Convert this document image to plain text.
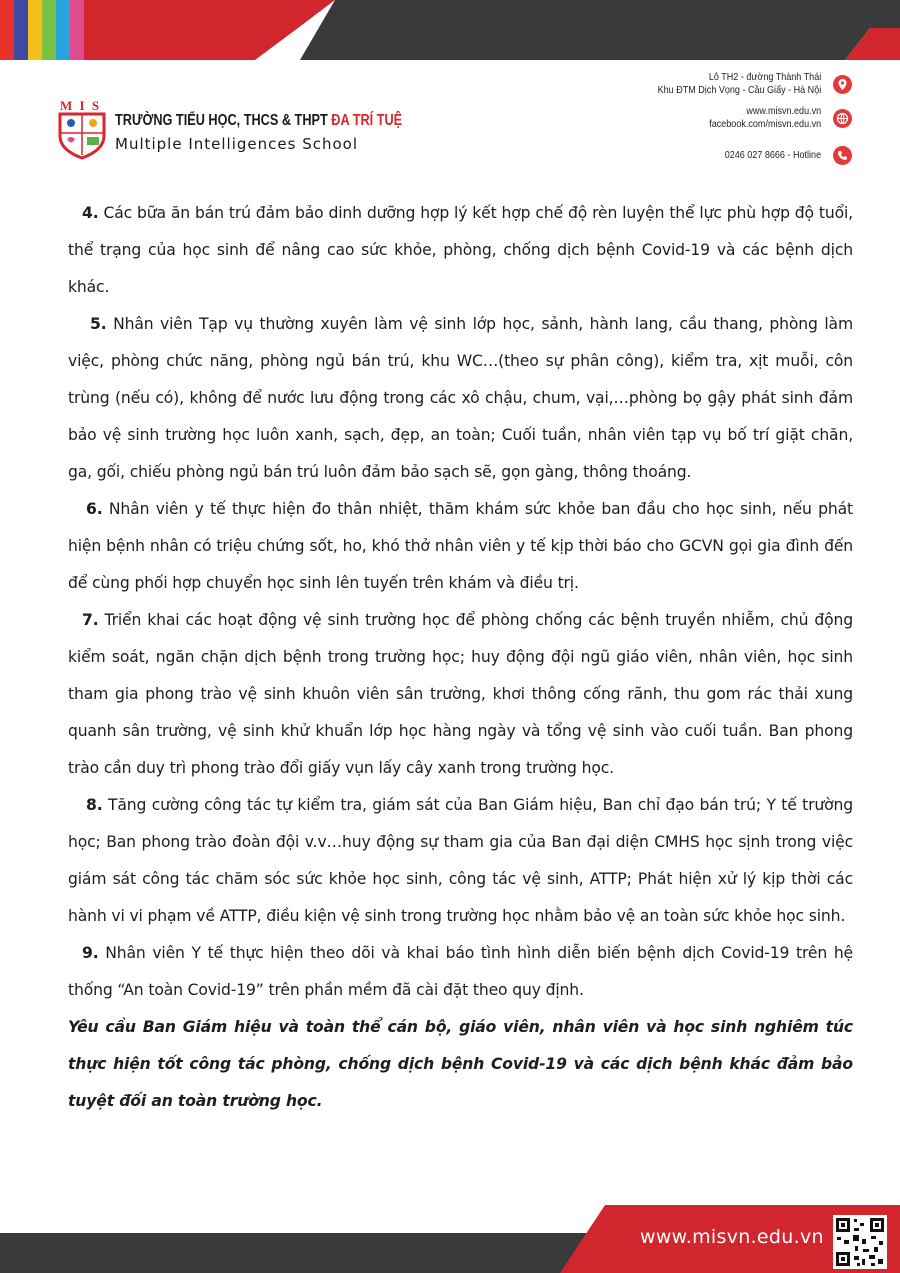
M I S
TRƯỜNG TIỂU HỌC, THCS & THPT ĐA TRÍ TUỆ
Multiple Intelligences School
Lô TH2 - đường Thành Thái
Khu ĐTM Dịch Vọng - Cầu Giấy - Hà Nội
www.misvn.edu.vn
facebook.com/misvn.edu.vn
0246 027 8666 - Hotline

4. Các bữa ăn bán trú đảm bảo dinh dưỡng hợp lý kết hợp chế độ rèn luyện thể lực phù hợp độ tuổi, thể trạng của học sinh để nâng cao sức khỏe, phòng, chống dịch bệnh Covid-19 và các bệnh dịch khác.

5. Nhân viên Tạp vụ thường xuyên làm vệ sinh lớp học, sảnh, hành lang, cầu thang, phòng làm việc, phòng chức năng, phòng ngủ bán trú, khu WC…(theo sự phân công), kiểm tra, xịt muỗi, côn trùng (nếu có), không để nước lưu động trong các xô chậu, chum, vại,…phòng bọ gậy phát sinh đảm bảo vệ sinh trường học luôn xanh, sạch, đẹp, an toàn; Cuối tuần, nhân viên tạp vụ bố trí giặt chăn, ga, gối, chiếu phòng ngủ bán trú luôn đảm bảo sạch sẽ, gọn gàng, thông thoáng.

6. Nhân viên y tế thực hiện đo thân nhiệt, thăm khám sức khỏe ban đầu cho học sinh, nếu phát hiện bệnh nhân có triệu chứng sốt, ho, khó thở nhân viên y tế kịp thời báo cho GCVN gọi gia đình đến để cùng phối hợp chuyển học sinh lên tuyến trên khám và điều trị.

7. Triển khai các hoạt động vệ sinh trường học để phòng chống các bệnh truyền nhiễm, chủ động kiểm soát, ngăn chặn dịch bệnh trong trường học; huy động đội ngũ giáo viên, nhân viên, học sinh tham gia phong trào vệ sinh khuôn viên sân trường, khơi thông cống rãnh, thu gom rác thải xung quanh sân trường, vệ sinh khử khuẩn lớp học hàng ngày và tổng vệ sinh vào cuối tuần. Ban phong trào cần duy trì phong trào đổi giấy vụn lấy cây xanh trong trường học.

8. Tăng cường công tác tự kiểm tra, giám sát của Ban Giám hiệu, Ban chỉ đạo bán trú; Y tế trường học; Ban phong trào đoàn đội v.v…huy động sự tham gia của Ban đại diện CMHS học sịnh trong việc giám sát công tác chăm sóc sức khỏe học sinh, công tác vệ sinh, ATTP; Phát hiện xử lý kịp thời các hành vi vi phạm về ATTP, điều kiện vệ sinh trong trường học nhằm bảo vệ an toàn sức khỏe học sinh.

9. Nhân viên Y tế thực hiện theo dõi và khai báo tình hình diễn biến bệnh dịch Covid-19 trên hệ thống “An toàn Covid-19” trên phần mềm đã cài đặt theo quy định.

Yêu cầu Ban Giám hiệu và toàn thể cán bộ, giáo viên, nhân viên và học sinh nghiêm túc thực hiện tốt công tác phòng, chống dịch bệnh Covid-19 và các dịch bệnh khác đảm bảo tuyệt đối an toàn trường học.

www.misvn.edu.vn
